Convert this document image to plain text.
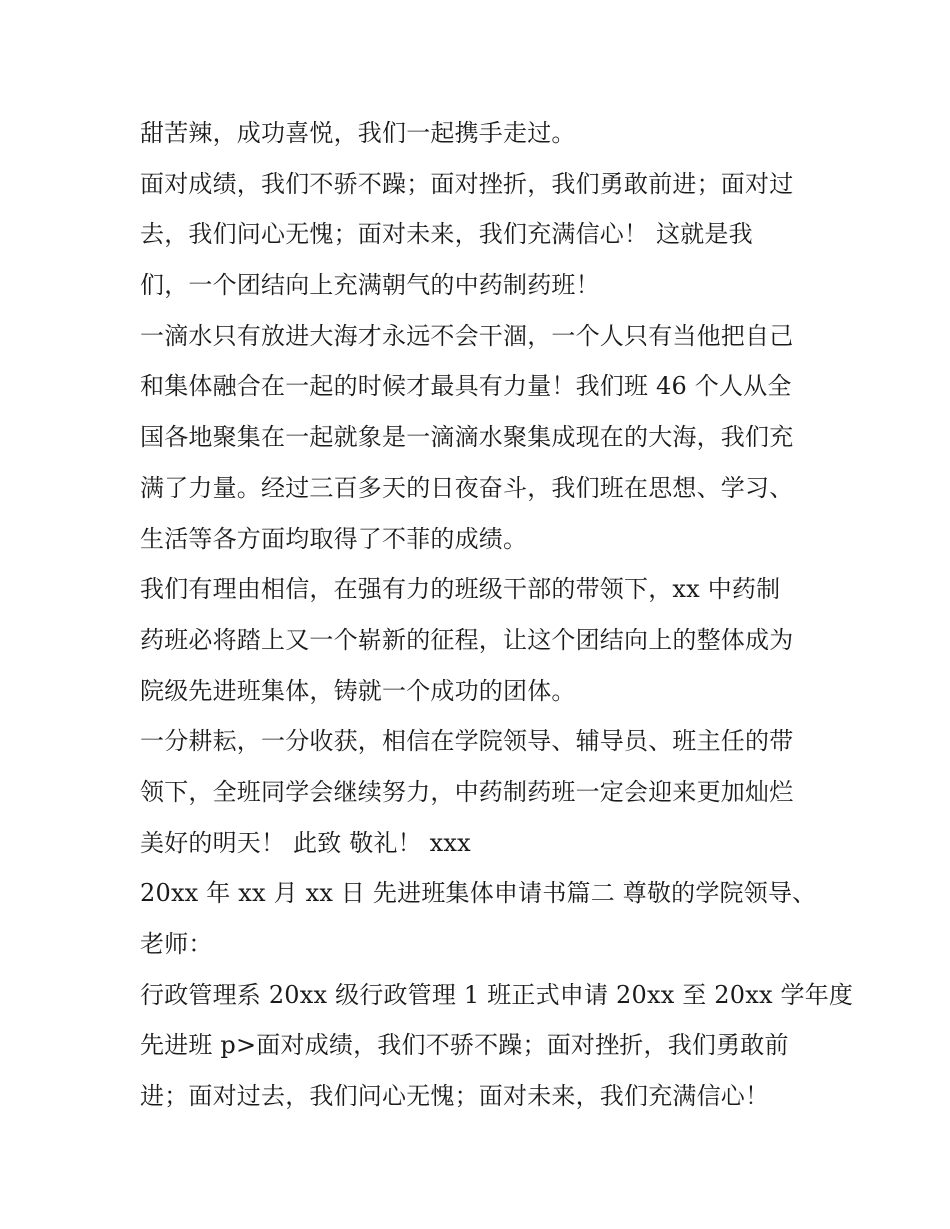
甜苦辣，成功喜悦，我们一起携手走过。
面对成绩，我们不骄不躁；面对挫折，我们勇敢前进；面对过
去，我们问心无愧；面对未来，我们充满信心！ 这就是我
们，一个团结向上充满朝气的中药制药班！
一滴水只有放进大海才永远不会干涸，一个人只有当他把自己
和集体融合在一起的时候才最具有力量！我们班 46 个人从全
国各地聚集在一起就象是一滴滴水聚集成现在的大海，我们充
满了力量。经过三百多天的日夜奋斗，我们班在思想、学习、
生活等各方面均取得了不菲的成绩。
我们有理由相信，在强有力的班级干部的带领下，xx 中药制
药班必将踏上又一个崭新的征程，让这个团结向上的整体成为
院级先进班集体，铸就一个成功的团体。
一分耕耘，一分收获，相信在学院领导、辅导员、班主任的带
领下，全班同学会继续努力，中药制药班一定会迎来更加灿烂
美好的明天！ 此致 敬礼！ xxx
20xx 年 xx 月 xx 日 先进班集体申请书篇二 尊敬的学院领导、
老师：
行政管理系 20xx 级行政管理 1 班正式申请 20xx 至 20xx 学年度
先进班 p>面对成绩，我们不骄不躁；面对挫折，我们勇敢前
进；面对过去，我们问心无愧；面对未来，我们充满信心！
